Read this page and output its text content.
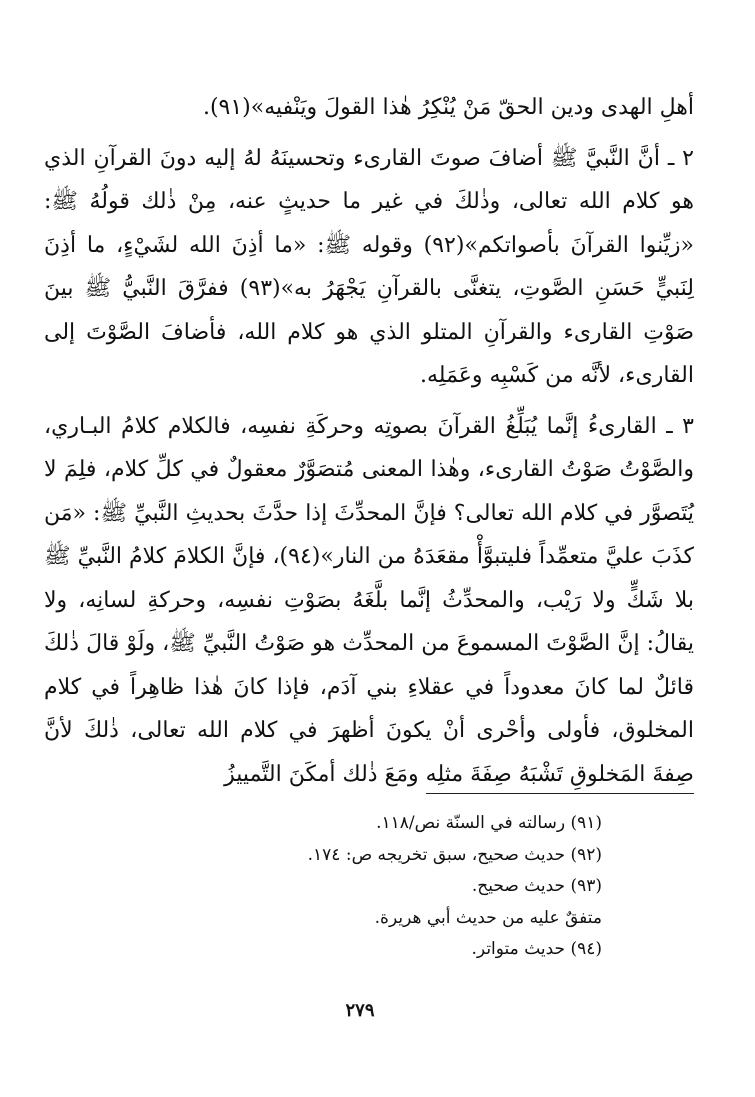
أهلِ الهدى ودين الحقّ مَنْ يُنْكِرُ هٰذا القولَ ويَنْفيه»(٩١).

٢ ـ أنَّ النَّبيَّ ﷺ أضافَ صوتَ القارىء وتحسينَهُ لهُ إليه دونَ القرآنِ الذي هو كلام الله تعالى، وذٰلكَ في غير ما حديثٍ عنه، مِنْ ذٰلك قولُهُ ﷺ: «زيِّنوا القرآنَ بأصواتكم»(٩٢) وقوله ﷺ: «ما أذِنَ الله لشَيْءٍ، ما أذِنَ لِنَبيٍّ حَسَنِ الصَّوتِ، يتغنَّى بالقرآنِ يَجْهَرُ به»(٩٣) ففرَّقَ النَّبيُّ ﷺ بينَ صَوْتِ القارىء والقرآنِ المتلو الذي هو كلام الله، فأضافَ الصَّوْتَ إلى القارىء، لأنَّه من كَسْبِه وعَمَلِه.

٣ ـ القارىءُ إنَّما يُبَلِّغُ القرآنَ بصوتِه وحركَةِ نفسِه، فالكلام كلامُ البـاري، والصَّوْتُ صَوْتُ القارىء، وهٰذا المعنى مُتصَوَّرٌ معقولٌ في كلِّ كلام، فلِمَ لا يُتَصوَّر في كلام الله تعالى؟ فإنَّ المحدِّثَ إذا حدَّثَ بحديثِ النَّبيِّ ﷺ: «مَن كذَبَ عليَّ متعمِّداً فليتبوَّأْ مقعَدَهُ من النار»(٩٤)، فإنَّ الكلامَ كلامُ النَّبيِّ ﷺ بلا شَكٍّ ولا رَيْب، والمحدِّثُ إنَّما بلَّغَهُ بصَوْتِ نفسِه، وحركةِ لسانِه، ولا يقالُ: إنَّ الصَّوْتَ المسموعَ من المحدِّث هو صَوْتُ النَّبيِّ ﷺ، ولَوْ قالَ ذٰلكَ قائلٌ لما كانَ معدوداً في عقلاءِ بني آدَم، فإذا كانَ هٰذا ظاهِراً في كلام المخلوق، فأولى وأحْرى أنْ يكونَ أظهرَ في كلام الله تعالى، ذٰلكَ لأنَّ صِفةَ المَخلوقِ تَشْبَهُ صِفَةَ مثلِه ومَعَ ذٰلك أمكَنَ التَّمييزُ

(٩١) رسالته في السنّة نص/١١٨.

(٩٢) حديث صحيح، سبق تخريجه ص: ١٧٤.

(٩٣) حديث صحيح.

متفقٌ عليه من حديث أبي هريرة.

(٩٤) حديث متواتر.

٢٧٩
